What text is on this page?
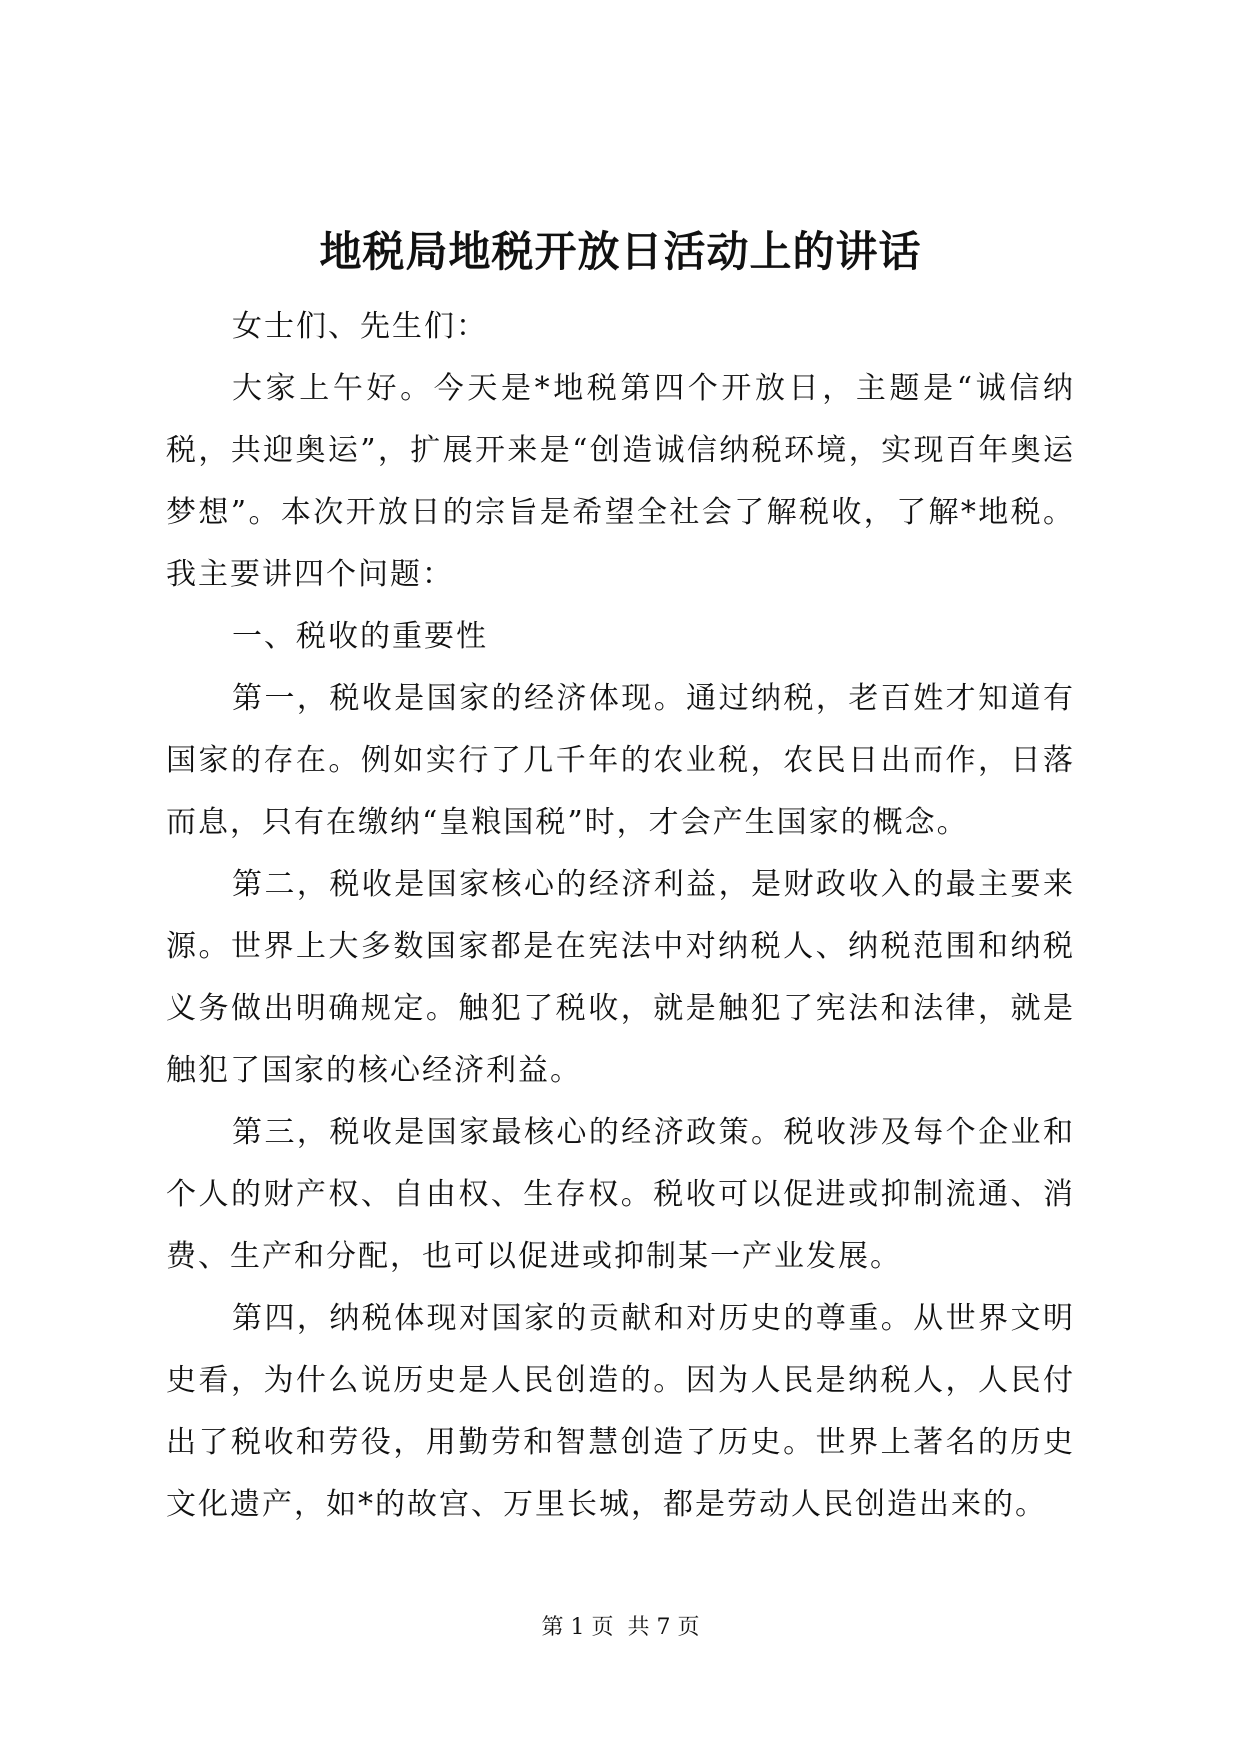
地税局地税开放日活动上的讲话

女士们、先生们：

大家上午好。今天是*地税第四个开放日，主题是“诚信纳税，共迎奥运”，扩展开来是“创造诚信纳税环境，实现百年奥运梦想”。本次开放日的宗旨是希望全社会了解税收，了解*地税。我主要讲四个问题：

一、税收的重要性

第一，税收是国家的经济体现。通过纳税，老百姓才知道有国家的存在。例如实行了几千年的农业税，农民日出而作，日落而息，只有在缴纳“皇粮国税”时，才会产生国家的概念。

第二，税收是国家核心的经济利益，是财政收入的最主要来源。世界上大多数国家都是在宪法中对纳税人、纳税范围和纳税义务做出明确规定。触犯了税收，就是触犯了宪法和法律，就是触犯了国家的核心经济利益。

第三，税收是国家最核心的经济政策。税收涉及每个企业和个人的财产权、自由权、生存权。税收可以促进或抑制流通、消费、生产和分配，也可以促进或抑制某一产业发展。

第四，纳税体现对国家的贡献和对历史的尊重。从世界文明史看，为什么说历史是人民创造的。因为人民是纳税人，人民付出了税收和劳役，用勤劳和智慧创造了历史。世界上著名的历史文化遗产，如*的故宫、万里长城，都是劳动人民创造出来的。

第 1 页  共 7 页
